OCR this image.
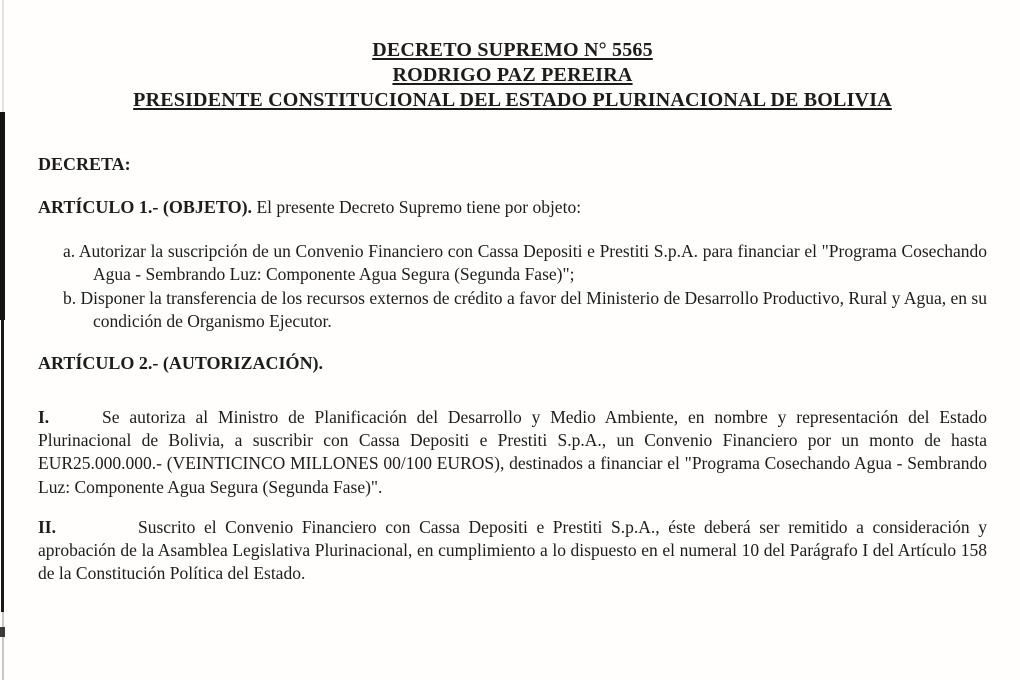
DECRETO SUPREMO N° 5565
RODRIGO PAZ PEREIRA
PRESIDENTE CONSTITUCIONAL DEL ESTADO PLURINACIONAL DE BOLIVIA

DECRETA:

ARTÍCULO 1.- (OBJETO). El presente Decreto Supremo tiene por objeto:

a. Autorizar la suscripción de un Convenio Financiero con Cassa Depositi e Prestiti S.p.A. para financiar el "Programa Cosechando Agua - Sembrando Luz: Componente Agua Segura (Segunda Fase)";

b. Disponer la transferencia de los recursos externos de crédito a favor del Ministerio de Desarrollo Productivo, Rural y Agua, en su condición de Organismo Ejecutor.

ARTÍCULO 2.- (AUTORIZACIÓN).

I.	Se autoriza al Ministro de Planificación del Desarrollo y Medio Ambiente, en nombre y representación del Estado Plurinacional de Bolivia, a suscribir con Cassa Depositi e Prestiti S.p.A., un Convenio Financiero por un monto de hasta EUR25.000.000.- (VEINTICINCO MILLONES 00/100 EUROS), destinados a financiar el "Programa Cosechando Agua - Sembrando Luz: Componente Agua Segura (Segunda Fase)".

II.	Suscrito el Convenio Financiero con Cassa Depositi e Prestiti S.p.A., éste deberá ser remitido a consideración y aprobación de la Asamblea Legislativa Plurinacional, en cumplimiento a lo dispuesto en el numeral 10 del Parágrafo I del Artículo 158 de la Constitución Política del Estado.
